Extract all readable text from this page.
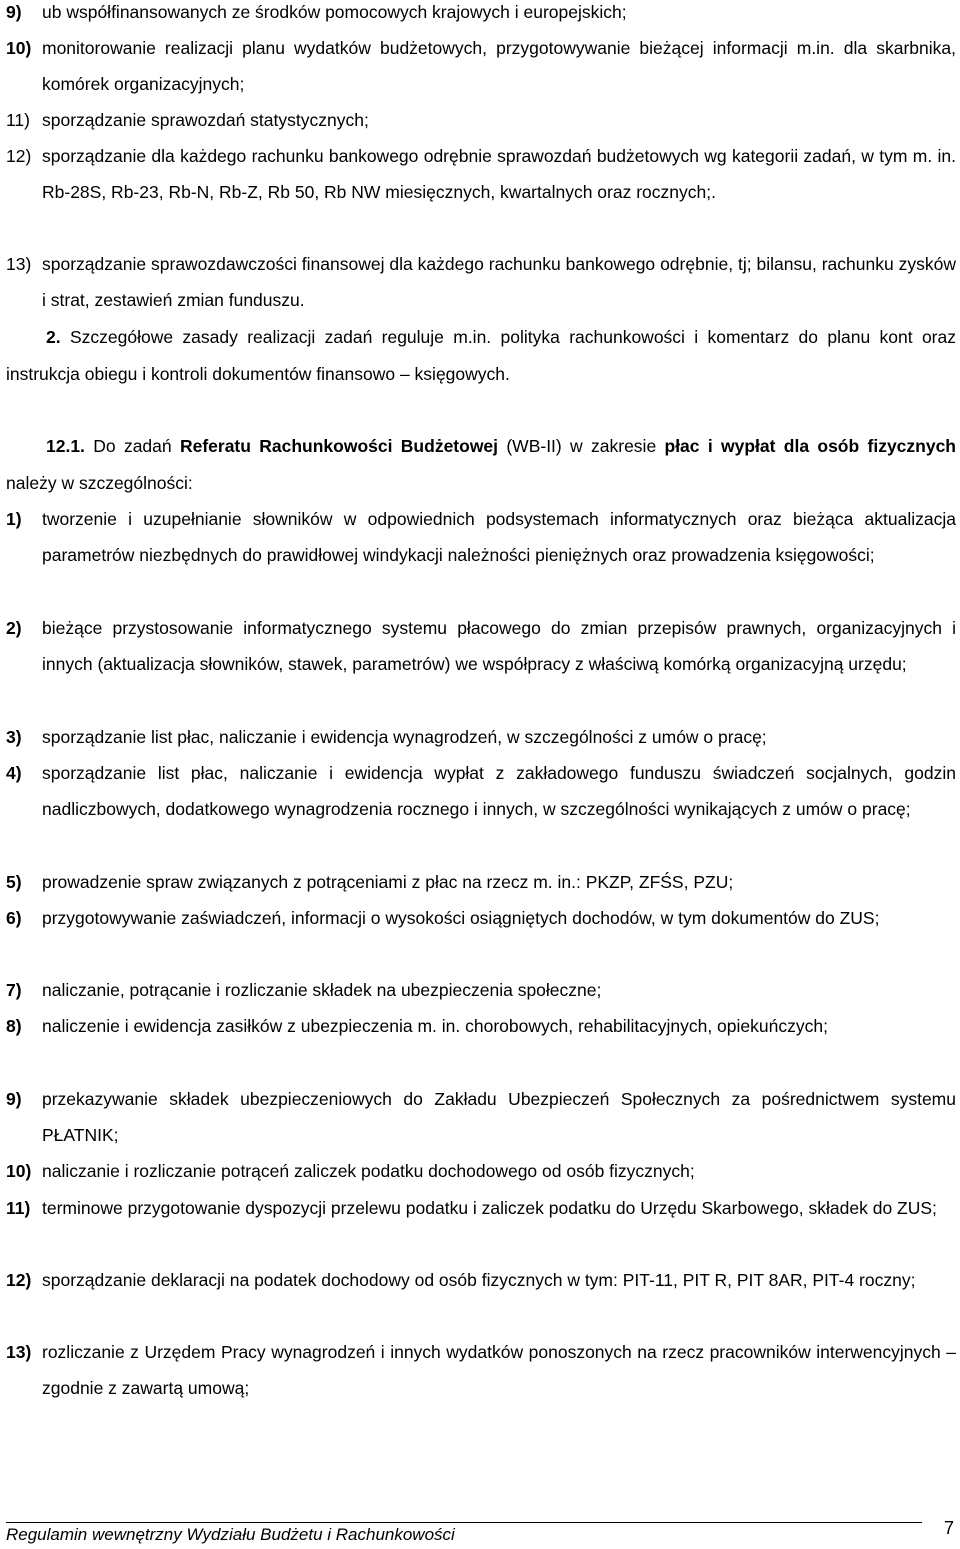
9) ub współfinansowanych ze środków pomocowych krajowych i europejskich;
10) monitorowanie realizacji planu wydatków budżetowych, przygotowywanie bieżącej informacji m.in. dla skarbnika, komórek organizacyjnych;
11) sporządzanie sprawozdań statystycznych;
12) sporządzanie dla każdego rachunku bankowego odrębnie sprawozdań budżetowych wg kategorii zadań, w tym m. in. Rb-28S, Rb-23, Rb-N, Rb-Z, Rb 50, Rb NW miesięcznych, kwartalnych oraz rocznych;.
13) sporządzanie sprawozdawczości finansowej dla każdego rachunku bankowego odrębnie, tj; bilansu, rachunku zysków i strat, zestawień zmian funduszu.
2. Szczegółowe zasady realizacji zadań reguluje m.in. polityka rachunkowości i komentarz do planu kont oraz instrukcja obiegu i kontroli dokumentów finansowo – księgowych.
12.1. Do zadań Referatu Rachunkowości Budżetowej (WB-II) w zakresie płac i wypłat dla osób fizycznych należy w szczególności:
1) tworzenie i uzupełnianie słowników w odpowiednich podsystemach informatycznych oraz bieżąca aktualizacja parametrów niezbędnych do prawidłowej windykacji należności pieniężnych oraz prowadzenia księgowości;
2) bieżące przystosowanie informatycznego systemu płacowego do zmian przepisów prawnych, organizacyjnych i innych (aktualizacja słowników, stawek, parametrów) we współpracy z właściwą komórką organizacyjną urzędu;
3) sporządzanie list płac, naliczanie i ewidencja wynagrodzeń, w szczególności z umów o pracę;
4) sporządzanie list płac, naliczanie i ewidencja wypłat z zakładowego funduszu świadczeń socjalnych, godzin nadliczbowych, dodatkowego wynagrodzenia rocznego i innych, w szczególności wynikających z umów o pracę;
5) prowadzenie spraw związanych z potrąceniami z płac na rzecz m. in.: PKZP, ZFŚS, PZU;
6) przygotowywanie zaświadczeń, informacji o wysokości osiągniętych dochodów, w tym dokumentów do ZUS;
7) naliczanie, potrącanie i rozliczanie składek na ubezpieczenia społeczne;
8) naliczenie i ewidencja zasiłków z ubezpieczenia m. in. chorobowych, rehabilitacyjnych, opiekuńczych;
9) przekazywanie składek ubezpieczeniowych do Zakładu Ubezpieczeń Społecznych za pośrednictwem systemu PŁATNIK;
10) naliczanie i rozliczanie potrąceń zaliczek podatku dochodowego od osób fizycznych;
11) terminowe przygotowanie dyspozycji przelewu podatku i zaliczek podatku do Urzędu Skarbowego, składek do ZUS;
12) sporządzanie deklaracji na podatek dochodowy od osób fizycznych w tym: PIT-11, PIT R, PIT 8AR, PIT-4 roczny;
13) rozliczanie z Urzędem Pracy wynagrodzeń i innych wydatków ponoszonych na rzecz pracowników interwencyjnych – zgodnie z zawartą umową;
Regulamin wewnętrzny Wydziału Budżetu i Rachunkowości	7
